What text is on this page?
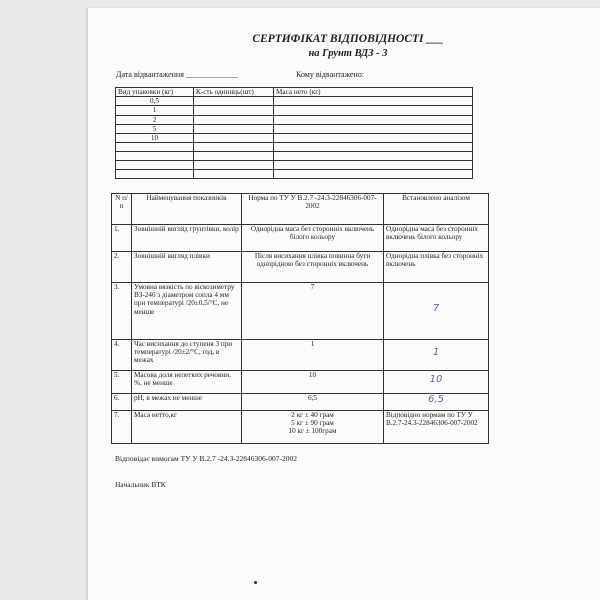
СЕРТИФІКАТ ВІДПОВІДНОСТІ ___
на Грунт ВДЗ - 3
Дата відвантаження _____________	Кому відвантажено:
Вид упаковки (кг)	К-сть одиниць(шт)	Маса нето (кг)
0,5		
1		
2		
5		
10		

N п/п	Найменування показників	Норма по ТУ У В.2.7 -24.3-22846306-007-2002	Встановлено аналізом
1.	Зовнішній вигляд грунтівки, колір	Однорідна маса без сторонніх включень білого кольору	Однорідна маса без сторонніх включень білого кольору
2.	Зовнішній вигляд плівки	Після висихання плівка повинна бути однорідною без сторонніх включень	Однорідна плівка без сторонніх включень
3.	Умовна вязкість по віскозиметру ВЗ-246 з діаметром сопла 4 мм при температурі /20±0,5/°С, не менше	7	7

4.	Час висихання до ступеня 3 при температурі /20±2/°С, год, в межах	1	1

5.	Масова доля нелетких речовин, %, не менше	10	10

6.	рН, в межах не менше	6,5	6,5

7.	Маса нетто,кг	2 кг ± 40 грам
5 кг ± 90 грам
10 кг ± 100грам	Відповідно нормам по ТУ У В.2.7-24.3-22846306-007-2002
Відповідає вимогам ТУ У В.2.7 -24.3-22846306-007-2002
Начальник ВТК
